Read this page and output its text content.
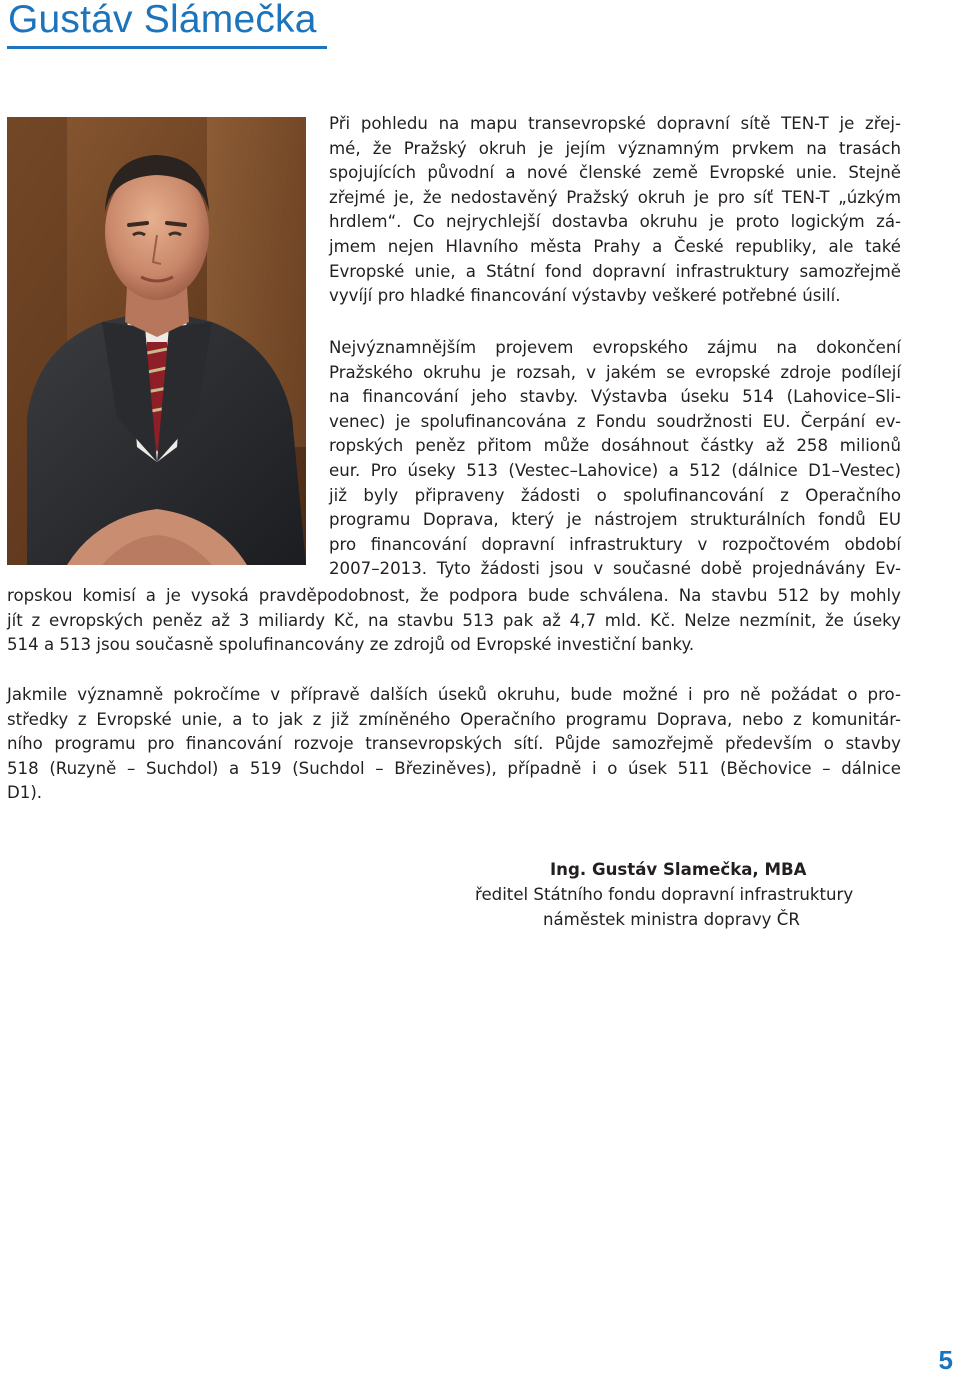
Gustáv Slámečka

Při pohledu na mapu transevropské dopravní sítě TEN-T je zřej-
mé, že Pražský okruh je jejím významným prvkem na trasách
spojujících původní a nové členské země Evropské unie. Stejně
zřejmé je, že nedostavěný Pražský okruh je pro síť TEN-T „úzkým
hrdlem“. Co nejrychlejší dostavba okruhu je proto logickým zá-
jmem nejen Hlavního města Prahy a České republiky, ale také
Evropské unie, a Státní fond dopravní infrastruktury samozřejmě
vyvíjí pro hladké financování výstavby veškeré potřebné úsilí.

Nejvýznamnějším projevem evropského zájmu na dokončení
Pražského okruhu je rozsah, v jakém se evropské zdroje podílejí
na financování jeho stavby. Výstavba úseku 514 (Lahovice–Sli-
venec) je spolufinancována z Fondu soudržnosti EU. Čerpání ev-
ropských peněz přitom může dosáhnout částky až 258 milionů
eur. Pro úseky 513 (Vestec–Lahovice) a 512 (dálnice D1–Vestec)
již byly připraveny žádosti o spolufinancování z Operačního
programu Doprava, který je nástrojem strukturálních fondů EU
pro financování dopravní infrastruktury v rozpočtovém období
2007–2013. Tyto žádosti jsou v současné době projednávány Ev-

ropskou komisí a je vysoká pravděpodobnost, že podpora bude schválena. Na stavbu 512 by mohly
jít z evropských peněz až 3 miliardy Kč, na stavbu 513 pak až 4,7 mld. Kč. Nelze nezmínit, že úseky
514 a 513 jsou současně spolufinancovány ze zdrojů od Evropské investiční banky.

Jakmile významně pokročíme v přípravě dalších úseků okruhu, bude možné i pro ně požádat o pro-
středky z Evropské unie, a to jak z již zmíněného Operačního programu Doprava, nebo z komunitár-
ního programu pro financování rozvoje transevropských sítí. Půjde samozřejmě především o stavby
518 (Ruzyně – Suchdol) a 519 (Suchdol – Březiněves), případně i o úsek 511 (Běchovice – dálnice
D1).

Ing. Gustáv Slamečka, MBA
ředitel Státního fondu dopravní infrastruktury
náměstek ministra dopravy ČR

5
